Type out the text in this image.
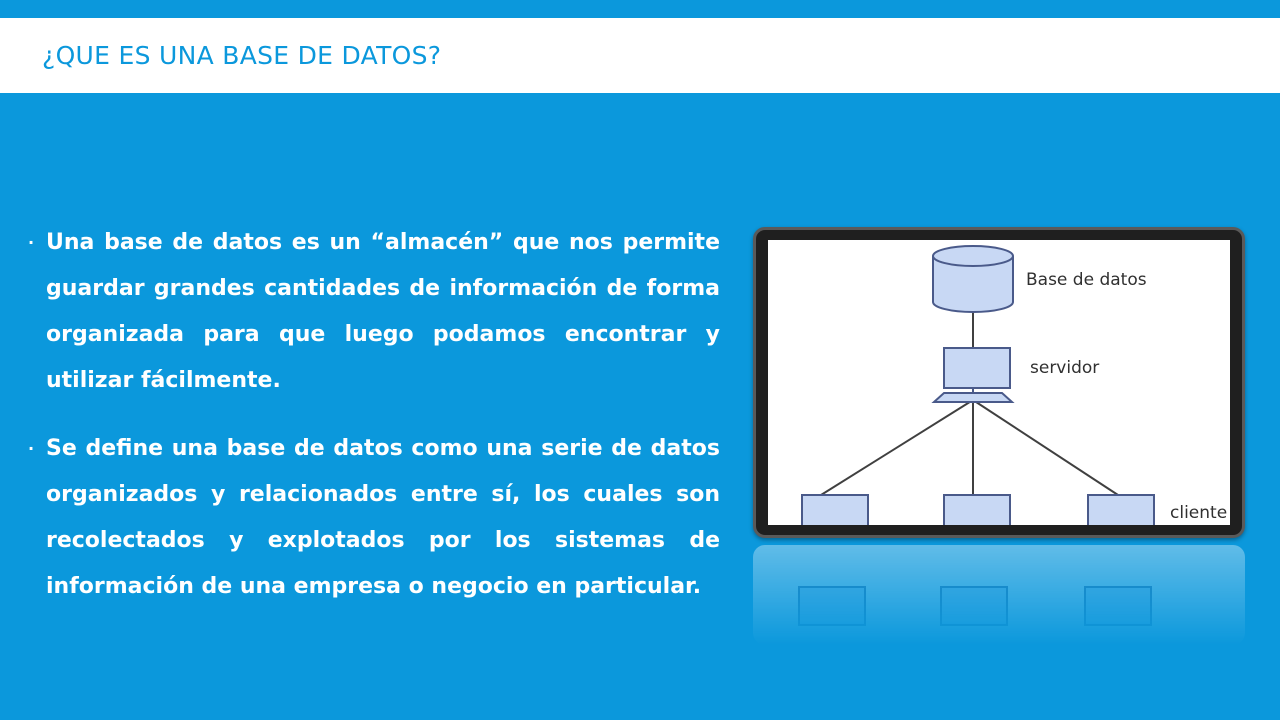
¿QUE ES UNA BASE DE DATOS?
· Una base de datos es un “almacén” que nos permite guardar grandes cantidades de información de forma organizada para que luego podamos encontrar y utilizar fácilmente.
· Se define una base de datos como una serie de datos organizados y relacionados entre sí, los cuales son recolectados y explotados por los sistemas de información de una empresa o negocio en particular.
Base de datos
servidor
cliente
